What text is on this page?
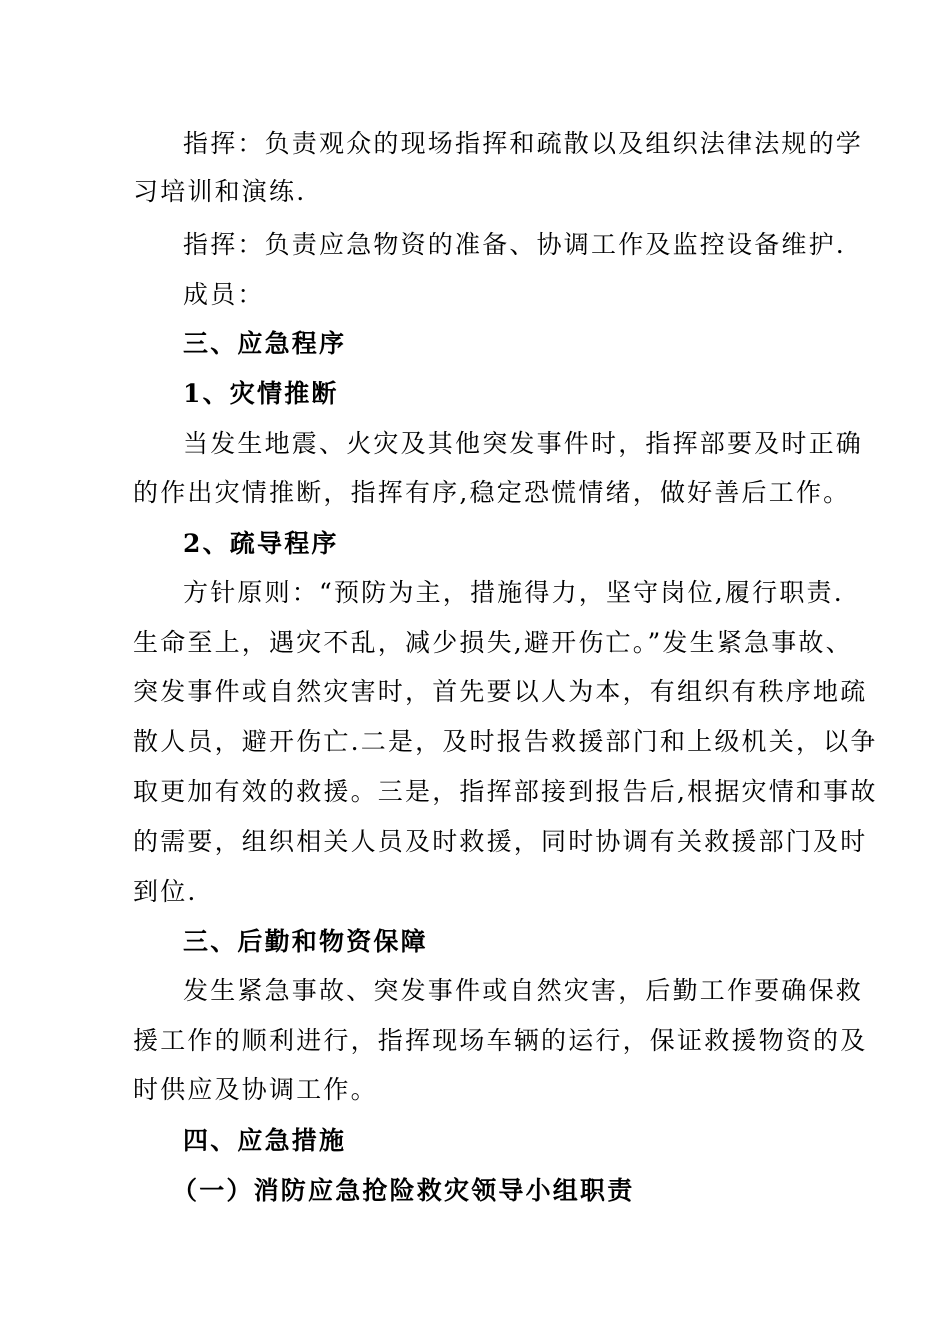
指挥：负责观众的现场指挥和疏散以及组织法律法规的学
习培训和演练.
指挥：负责应急物资的准备、协调工作及监控设备维护.
成员：
三、应急程序
1、灾情推断
当发生地震、火灾及其他突发事件时，指挥部要及时正确
的作出灾情推断，指挥有序,稳定恐慌情绪，做好善后工作。
2、疏导程序
方针原则：“预防为主，措施得力，坚守岗位,履行职责.
生命至上，遇灾不乱，减少损失,避开伤亡。”发生紧急事故、
突发事件或自然灾害时，首先要以人为本，有组织有秩序地疏
散人员，避开伤亡.二是，及时报告救援部门和上级机关，以争
取更加有效的救援。三是，指挥部接到报告后,根据灾情和事故
的需要，组织相关人员及时救援，同时协调有关救援部门及时
到位.
三、后勤和物资保障
发生紧急事故、突发事件或自然灾害，后勤工作要确保救
援工作的顺利进行，指挥现场车辆的运行，保证救援物资的及
时供应及协调工作。
四、应急措施
（一）消防应急抢险救灾领导小组职责
